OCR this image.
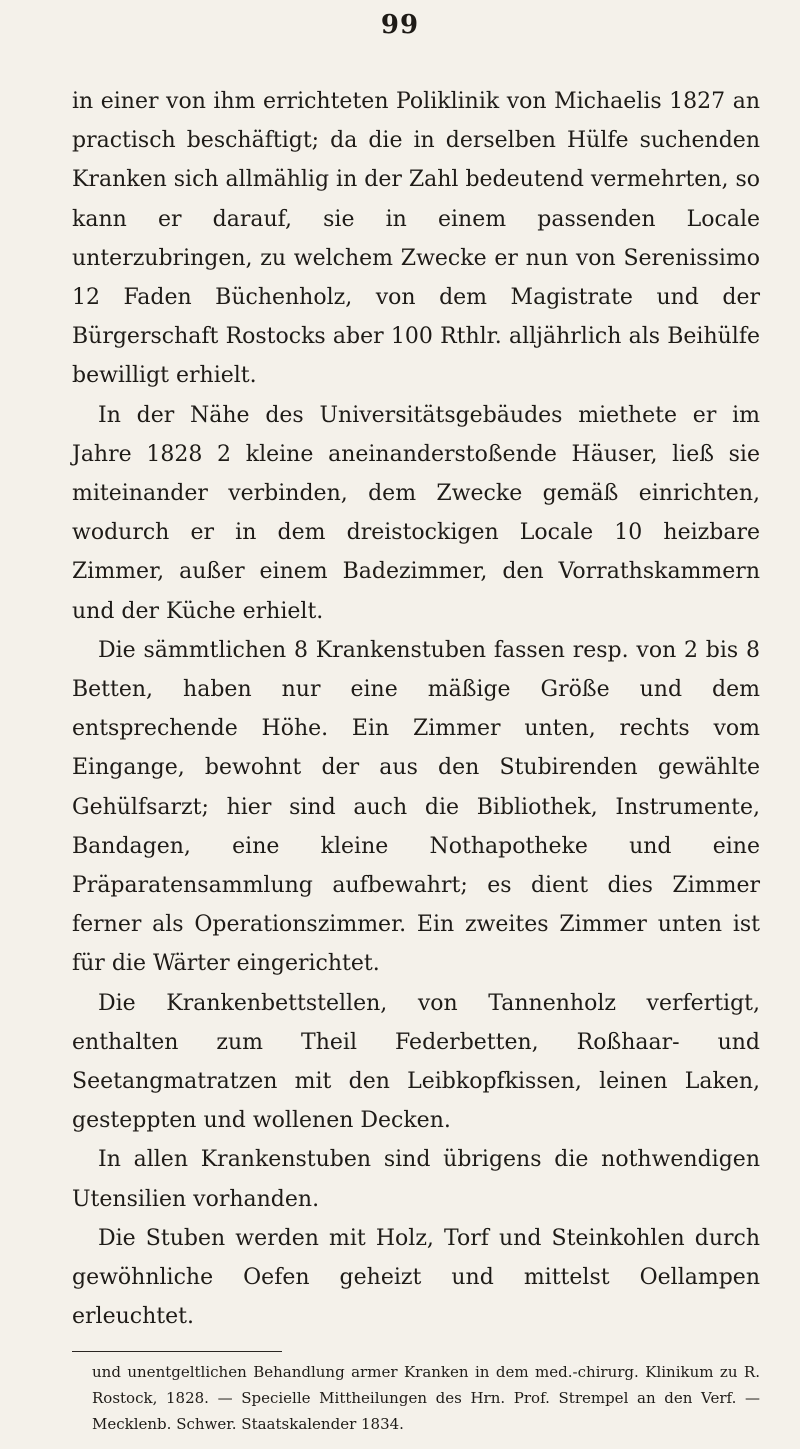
99

in einer von ihm errichteten Poliklinik von Michaelis 1827 an practisch beschäftigt; da die in derselben Hülfe suchenden Kranken sich allmählig in der Zahl bedeutend vermehrten, so kann er darauf, sie in einem passenden Locale unterzubringen, zu welchem Zwecke er nun von Serenissimo 12 Faden Büchenholz, von dem Magistrate und der Bürgerschaft Rostocks aber 100 Rthlr. alljährlich als Beihülfe bewilligt erhielt.

In der Nähe des Universitätsgebäudes miethete er im Jahre 1828 2 kleine aneinanderstoßende Häuser, ließ sie miteinander verbinden, dem Zwecke gemäß einrichten, wodurch er in dem dreistockigen Locale 10 heizbare Zimmer, außer einem Badezimmer, den Vorrathskammern und der Küche erhielt.

Die sämmtlichen 8 Krankenstuben fassen resp. von 2 bis 8 Betten, haben nur eine mäßige Größe und dem entsprechende Höhe. Ein Zimmer unten, rechts vom Eingange, bewohnt der aus den Stubirenden gewählte Gehülfsarzt; hier sind auch die Bibliothek, Instrumente, Bandagen, eine kleine Nothapotheke und eine Präparatensammlung aufbewahrt; es dient dies Zimmer ferner als Operationszimmer. Ein zweites Zimmer unten ist für die Wärter eingerichtet.

Die Krankenbettstellen, von Tannenholz verfertigt, enthalten zum Theil Federbetten, Roßhaar- und Seetangmatratzen mit den Leibkopfkissen, leinen Laken, gesteppten und wollenen Decken.

In allen Krankenstuben sind übrigens die nothwendigen Utensilien vorhanden.

Die Stuben werden mit Holz, Torf und Steinkohlen durch gewöhnliche Oefen geheizt und mittelst Oellampen erleuchtet.

und unentgeltlichen Behandlung armer Kranken in dem med.-chirurg. Klinikum zu R. Rostock, 1828. — Specielle Mittheilungen des Hrn. Prof. Strempel an den Verf. — Mecklenb. Schwer. Staatskalender 1834.
